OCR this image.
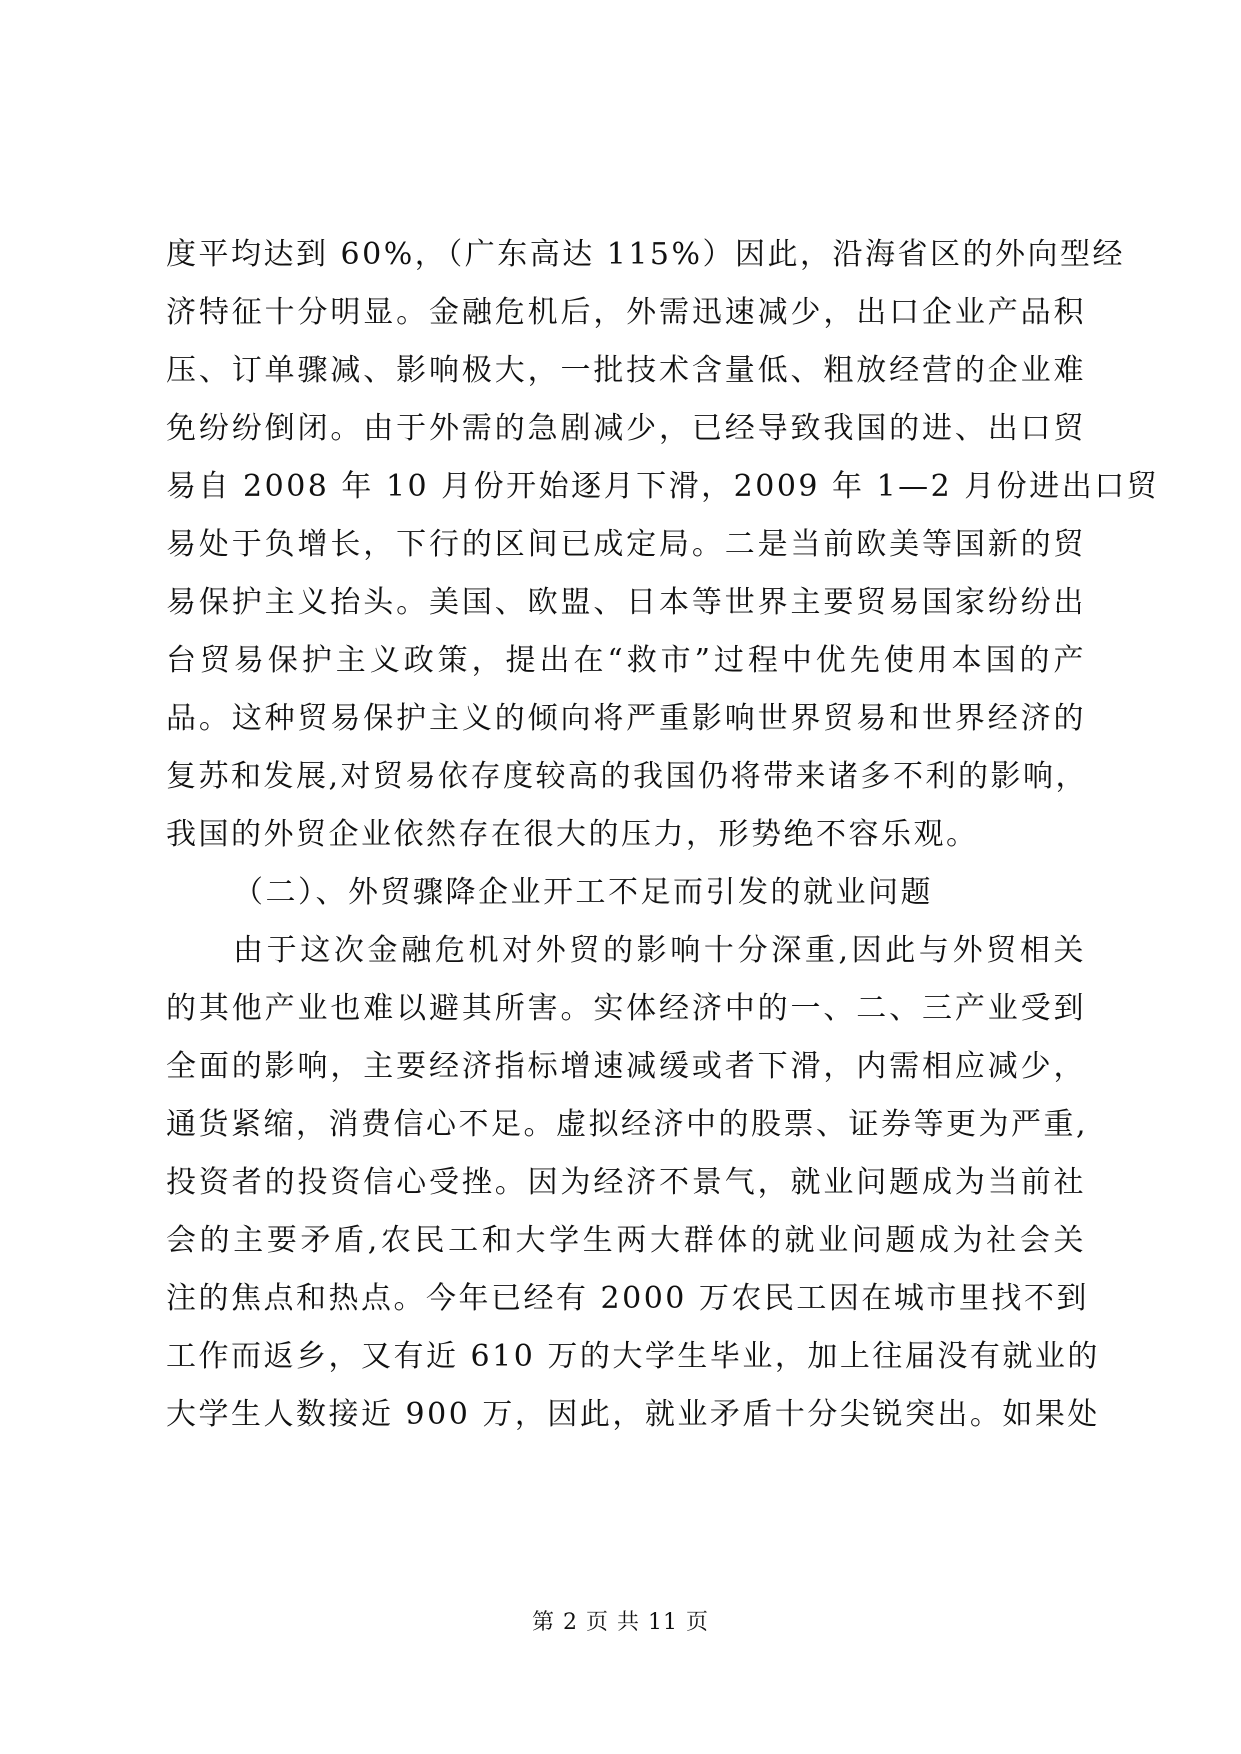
度平均达到 60%，（广东高达 115%）因此，沿海省区的外向型经
济特征十分明显。金融危机后，外需迅速减少，出口企业产品积
压、订单骤减、影响极大，一批技术含量低、粗放经营的企业难
免纷纷倒闭。由于外需的急剧减少，已经导致我国的进、出口贸
易自 2008 年 10 月份开始逐月下滑，2009 年 1—2 月份进出口贸
易处于负增长，下行的区间已成定局。二是当前欧美等国新的贸
易保护主义抬头。美国、欧盟、日本等世界主要贸易国家纷纷出
台贸易保护主义政策，提出在“救市”过程中优先使用本国的产
品。这种贸易保护主义的倾向将严重影响世界贸易和世界经济的
复苏和发展,对贸易依存度较高的我国仍将带来诸多不利的影响，
我国的外贸企业依然存在很大的压力，形势绝不容乐观。
（二）、外贸骤降企业开工不足而引发的就业问题
由于这次金融危机对外贸的影响十分深重,因此与外贸相关
的其他产业也难以避其所害。实体经济中的一、二、三产业受到
全面的影响，主要经济指标增速减缓或者下滑，内需相应减少，
通货紧缩，消费信心不足。虚拟经济中的股票、证券等更为严重,
投资者的投资信心受挫。因为经济不景气，就业问题成为当前社
会的主要矛盾,农民工和大学生两大群体的就业问题成为社会关
注的焦点和热点。今年已经有 2000 万农民工因在城市里找不到
工作而返乡，又有近 610 万的大学生毕业，加上往届没有就业的
大学生人数接近 900 万，因此，就业矛盾十分尖锐突出。如果处
第 2 页 共 11 页
